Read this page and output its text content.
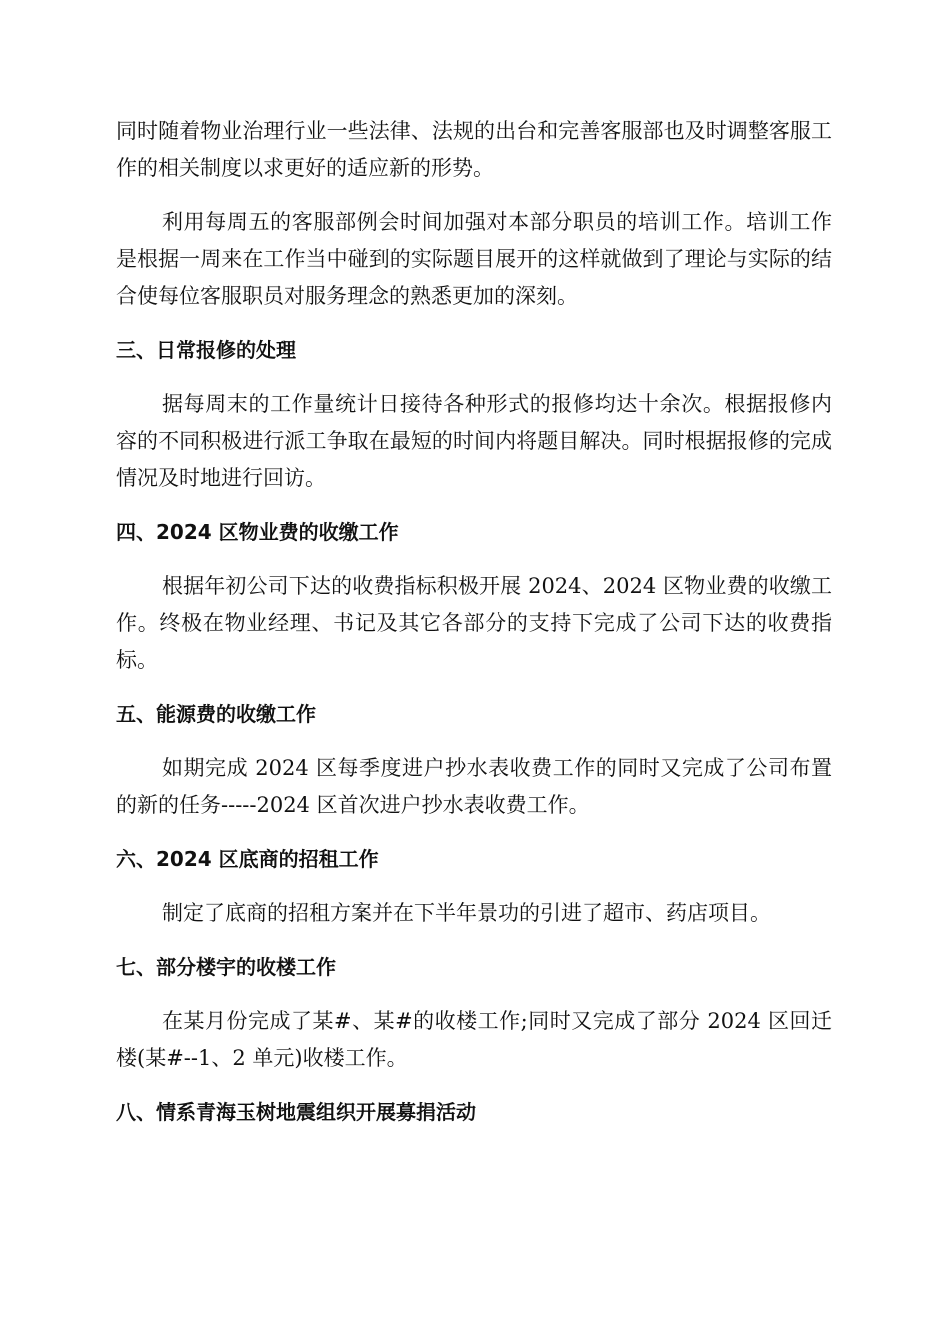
同时随着物业治理行业一些法律、法规的出台和完善客服部也及时调整客服工作的相关制度以求更好的适应新的形势。

利用每周五的客服部例会时间加强对本部分职员的培训工作。培训工作是根据一周来在工作当中碰到的实际题目展开的这样就做到了理论与实际的结合使每位客服职员对服务理念的熟悉更加的深刻。

三、日常报修的处理

据每周末的工作量统计日接待各种形式的报修均达十余次。根据报修内容的不同积极进行派工争取在最短的时间内将题目解决。同时根据报修的完成情况及时地进行回访。

四、2024 区物业费的收缴工作

根据年初公司下达的收费指标积极开展 2024、2024 区物业费的收缴工作。终极在物业经理、书记及其它各部分的支持下完成了公司下达的收费指标。

五、能源费的收缴工作

如期完成 2024 区每季度进户抄水表收费工作的同时又完成了公司布置的新的任务-----2024 区首次进户抄水表收费工作。

六、2024 区底商的招租工作

制定了底商的招租方案并在下半年景功的引进了超市、药店项目。

七、部分楼宇的收楼工作

在某月份完成了某#、某#的收楼工作;同时又完成了部分 2024 区回迁楼(某#--1、2 单元)收楼工作。

八、情系青海玉树地震组织开展募捐活动
